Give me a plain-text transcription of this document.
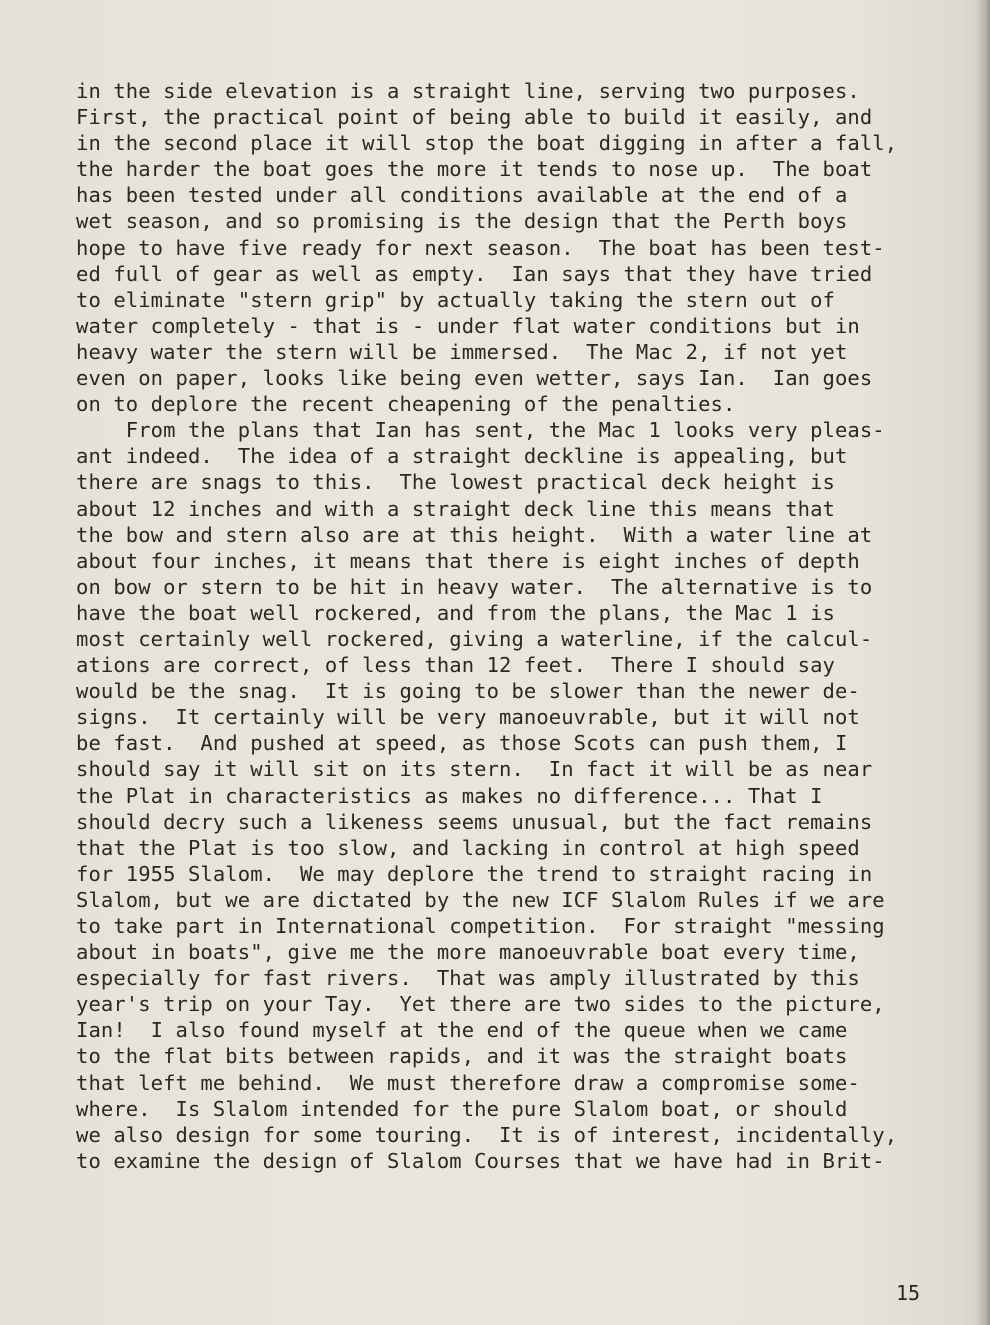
in the side elevation is a straight line, serving two purposes.
First, the practical point of being able to build it easily, and
in the second place it will stop the boat digging in after a fall,
the harder the boat goes the more it tends to nose up.  The boat
has been tested under all conditions available at the end of a
wet season, and so promising is the design that the Perth boys
hope to have five ready for next season.  The boat has been test-
ed full of gear as well as empty.  Ian says that they have tried
to eliminate "stern grip" by actually taking the stern out of
water completely - that is - under flat water conditions but in
heavy water the stern will be immersed.  The Mac 2, if not yet
even on paper, looks like being even wetter, says Ian.  Ian goes
on to deplore the recent cheapening of the penalties.
From the plans that Ian has sent, the Mac 1 looks very pleas-
ant indeed.  The idea of a straight deckline is appealing, but
there are snags to this.  The lowest practical deck height is
about 12 inches and with a straight deck line this means that
the bow and stern also are at this height.  With a water line at
about four inches, it means that there is eight inches of depth
on bow or stern to be hit in heavy water.  The alternative is to
have the boat well rockered, and from the plans, the Mac 1 is
most certainly well rockered, giving a waterline, if the calcul-
ations are correct, of less than 12 feet.  There I should say
would be the snag.  It is going to be slower than the newer de-
signs.  It certainly will be very manoeuvrable, but it will not
be fast.  And pushed at speed, as those Scots can push them, I
should say it will sit on its stern.  In fact it will be as near
the Plat in characteristics as makes no difference... That I
should decry such a likeness seems unusual, but the fact remains
that the Plat is too slow, and lacking in control at high speed
for 1955 Slalom.  We may deplore the trend to straight racing in
Slalom, but we are dictated by the new ICF Slalom Rules if we are
to take part in International competition.  For straight "messing
about in boats", give me the more manoeuvrable boat every time,
especially for fast rivers.  That was amply illustrated by this
year's trip on your Tay.  Yet there are two sides to the picture,
Ian!  I also found myself at the end of the queue when we came
to the flat bits between rapids, and it was the straight boats
that left me behind.  We must therefore draw a compromise some-
where.  Is Slalom intended for the pure Slalom boat, or should
we also design for some touring.  It is of interest, incidentally,
to examine the design of Slalom Courses that we have had in Brit-
15
